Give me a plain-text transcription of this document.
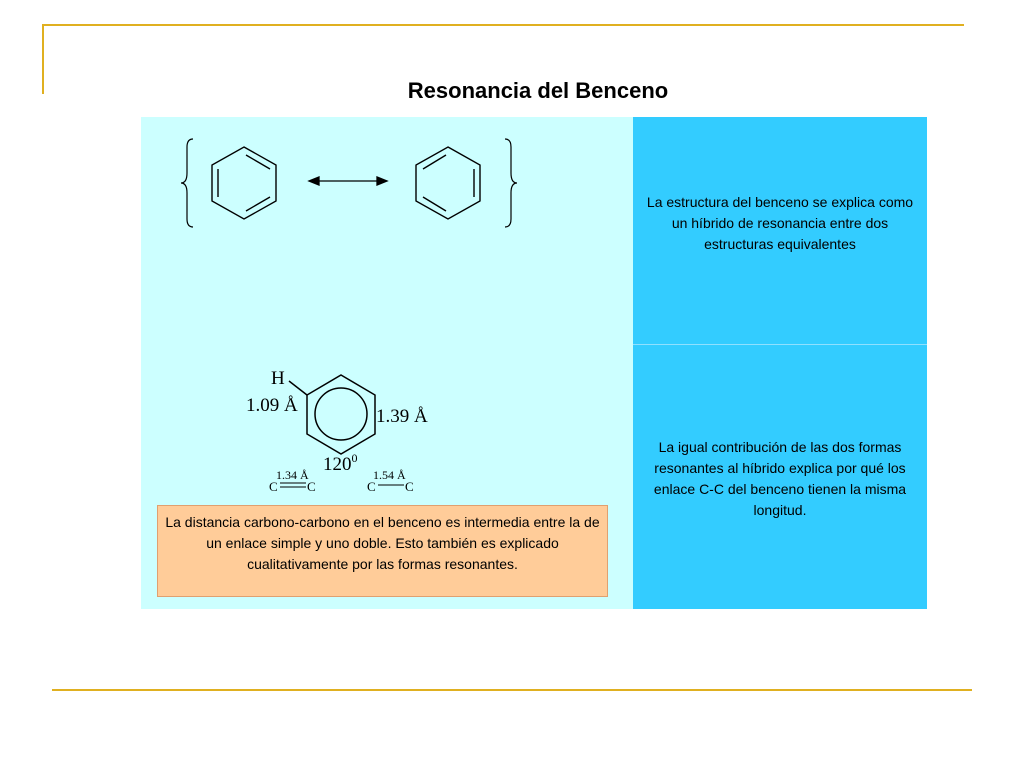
Resonancia del Benceno
H
1.09 Å
1.39 Å
$120^0$
1.34 Å
C C
1.54 Å
C C
La estructura del benceno se explica como un híbrido de resonancia entre dos estructuras equivalentes
La igual contribución de las dos formas resonantes al híbrido explica por qué los enlace C-C del benceno tienen la misma longitud.
La distancia carbono-carbono en el benceno es intermedia entre la de un enlace simple y uno doble. Esto también es explicado cualitativamente por las formas resonantes.
